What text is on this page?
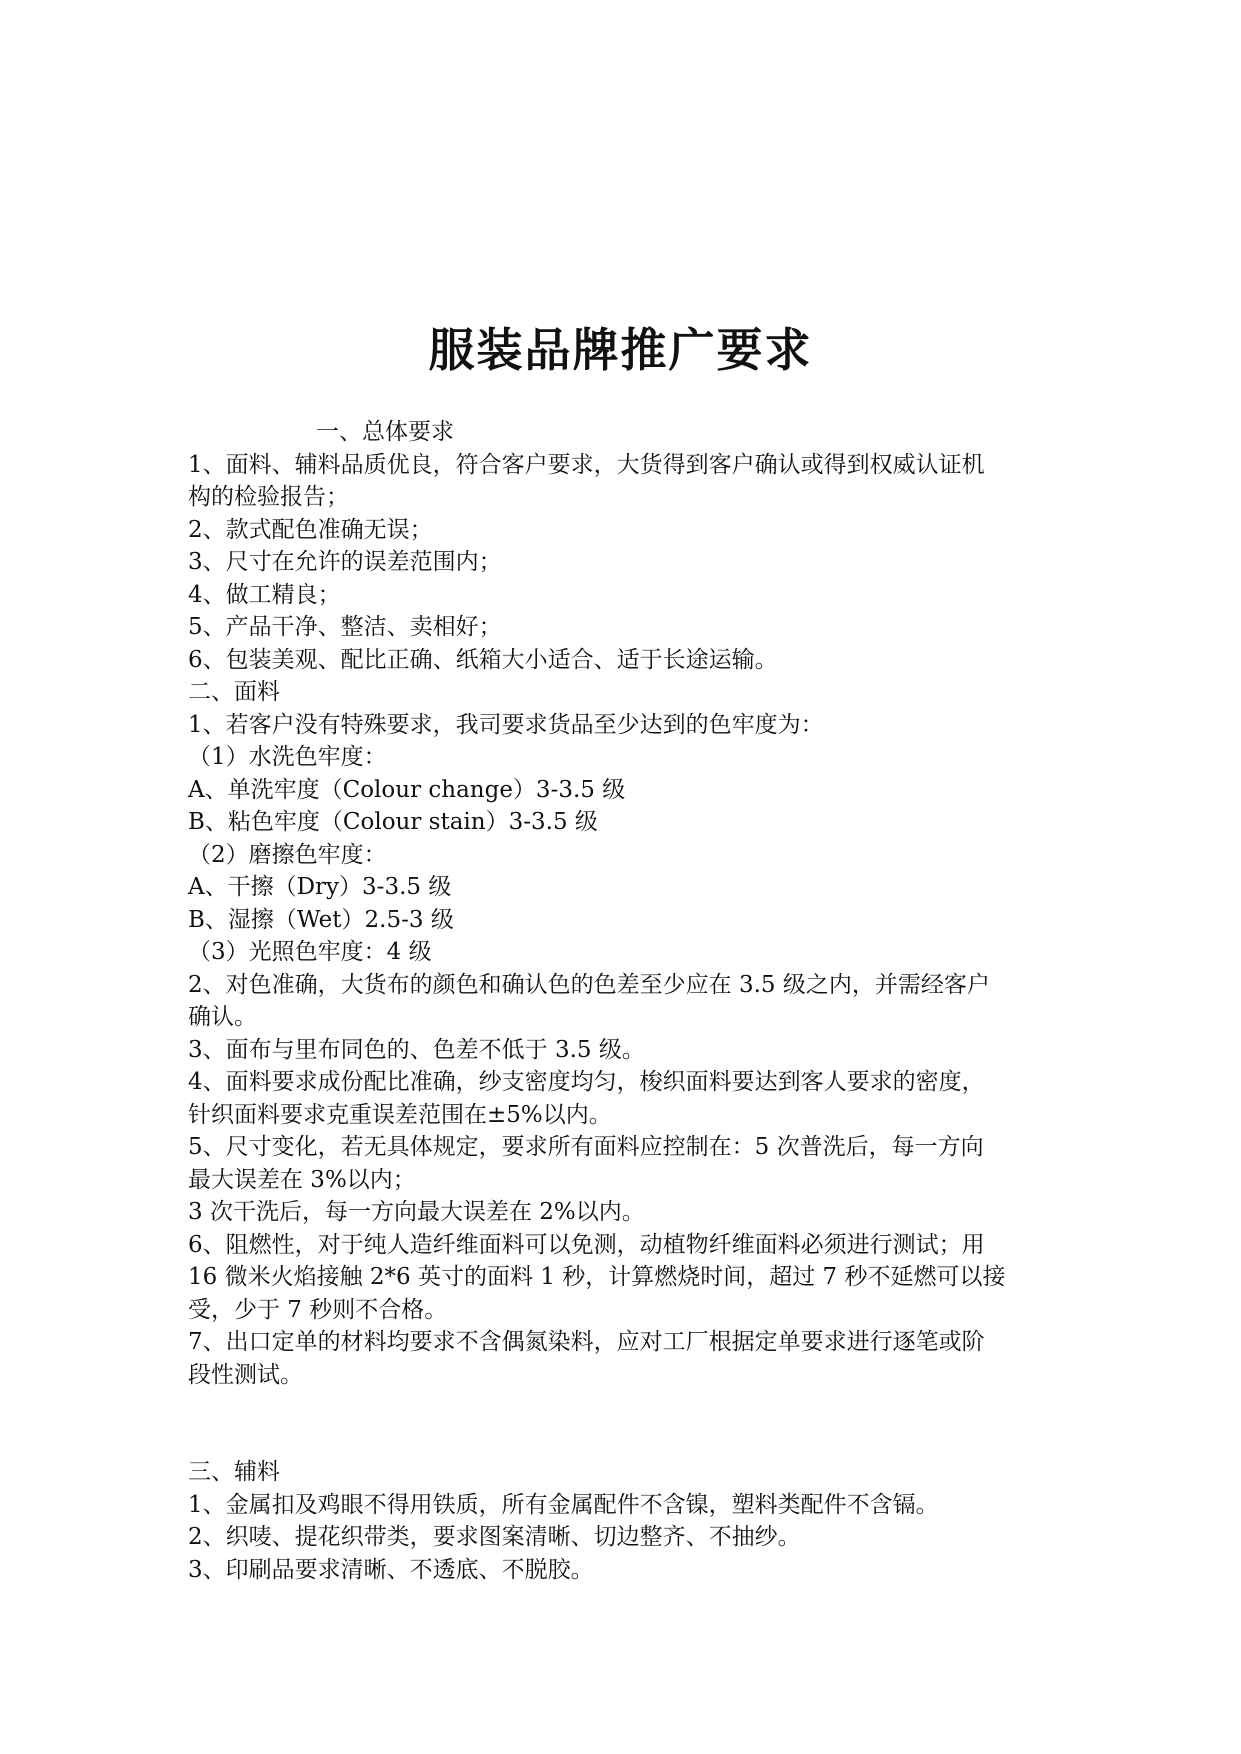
服装品牌推广要求
一、总体要求
1、面料、辅料品质优良，符合客户要求，大货得到客户确认或得到权威认证机
构的检验报告；
2、款式配色准确无误；
3、尺寸在允许的误差范围内；
4、做工精良；
5、产品干净、整洁、卖相好；
6、包装美观、配比正确、纸箱大小适合、适于长途运输。
二、面料
1、若客户没有特殊要求，我司要求货品至少达到的色牢度为：
（1）水洗色牢度：
A、单洗牢度（Colour change）3-3.5 级
B、粘色牢度（Colour stain）3-3.5 级
（2）磨擦色牢度：
A、干擦（Dry）3-3.5 级
B、湿擦（Wet）2.5-3 级
（3）光照色牢度：4 级
2、对色准确，大货布的颜色和确认色的色差至少应在 3.5 级之内，并需经客户
确认。
3、面布与里布同色的、色差不低于 3.5 级。
4、面料要求成份配比准确，纱支密度均匀，梭织面料要达到客人要求的密度，
针织面料要求克重误差范围在±5%以内。
5、尺寸变化，若无具体规定，要求所有面料应控制在：5 次普洗后，每一方向
最大误差在 3%以内；
3 次干洗后，每一方向最大误差在 2%以内。
6、阻燃性，对于纯人造纤维面料可以免测，动植物纤维面料必须进行测试；用
16 微米火焰接触 2*6 英寸的面料 1 秒，计算燃烧时间，超过 7 秒不延燃可以接
受，少于 7 秒则不合格。
7、出口定单的材料均要求不含偶氮染料，应对工厂根据定单要求进行逐笔或阶
段性测试。
三、辅料
1、金属扣及鸡眼不得用铁质，所有金属配件不含镍，塑料类配件不含镉。
2、织唛、提花织带类，要求图案清晰、切边整齐、不抽纱。
3、印刷品要求清晰、不透底、不脱胶。
